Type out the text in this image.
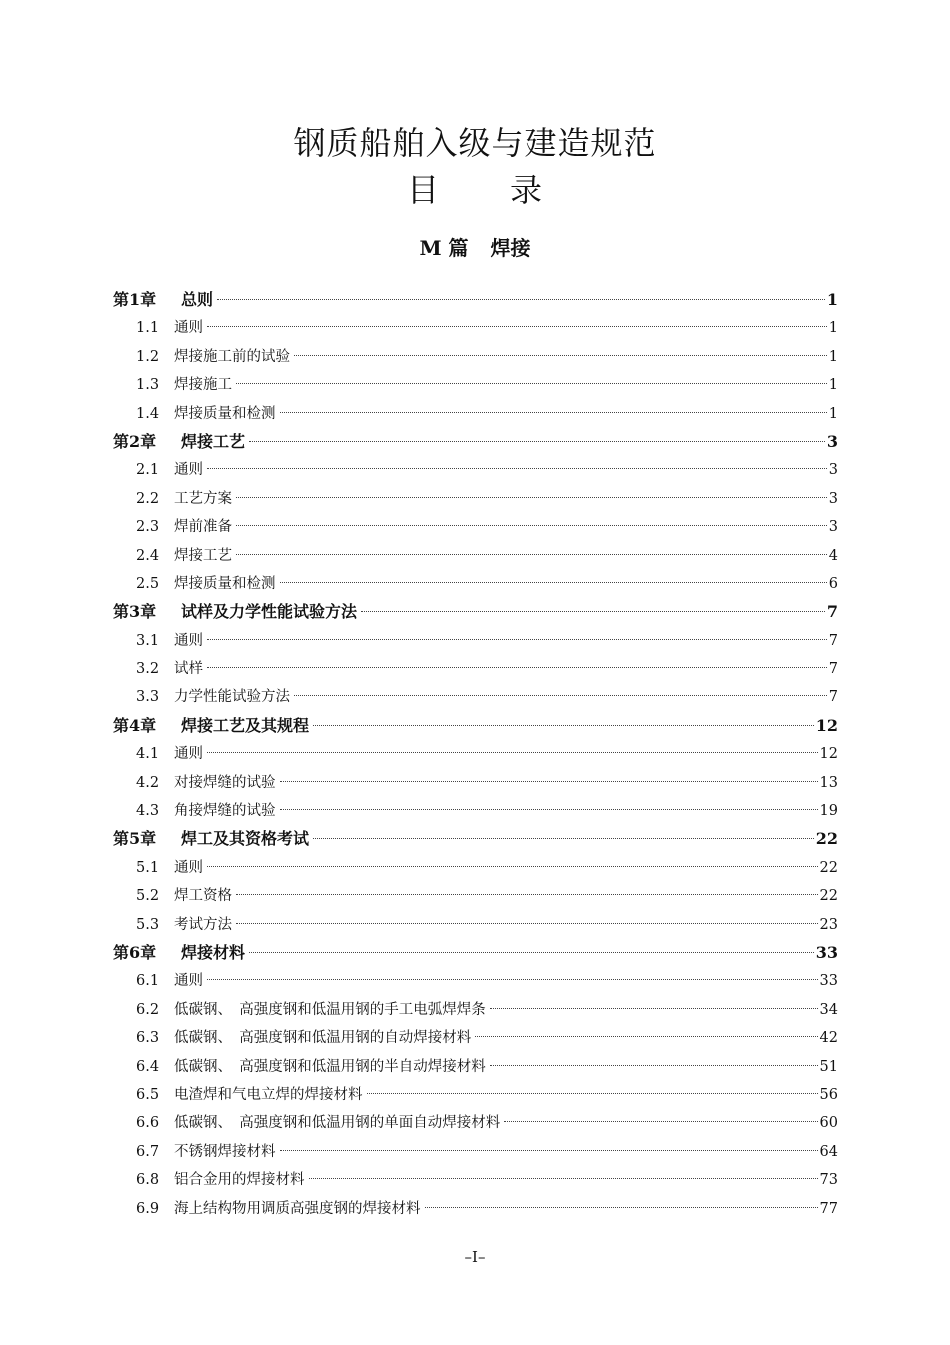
钢质船舶入级与建造规范
目 录
M 篇 焊接
第1章	总则	1
1.1	通则	1
1.2	焊接施工前的试验	1
1.3	焊接施工	1
1.4	焊接质量和检测	1
第2章	焊接工艺	3
2.1	通则	3
2.2	工艺方案	3
2.3	焊前准备	3
2.4	焊接工艺	4
2.5	焊接质量和检测	6
第3章	试样及力学性能试验方法	7
3.1	通则	7
3.2	试样	7
3.3	力学性能试验方法	7
第4章	焊接工艺及其规程	12
4.1	通则	12
4.2	对接焊缝的试验	13
4.3	角接焊缝的试验	19
第5章	焊工及其资格考试	22
5.1	通则	22
5.2	焊工资格	22
5.3	考试方法	23
第6章	焊接材料	33
6.1	通则	33
6.2	低碳钢、　高强度钢和低温用钢的手工电弧焊焊条	34
6.3	低碳钢、　高强度钢和低温用钢的自动焊接材料	42
6.4	低碳钢、　高强度钢和低温用钢的半自动焊接材料	51
6.5	电渣焊和气电立焊的焊接材料	56
6.6	低碳钢、　高强度钢和低温用钢的单面自动焊接材料	60
6.7	不锈钢焊接材料	64
6.8	铝合金用的焊接材料	73
6.9	海上结构物用调质高强度钢的焊接材料	77
–I–
